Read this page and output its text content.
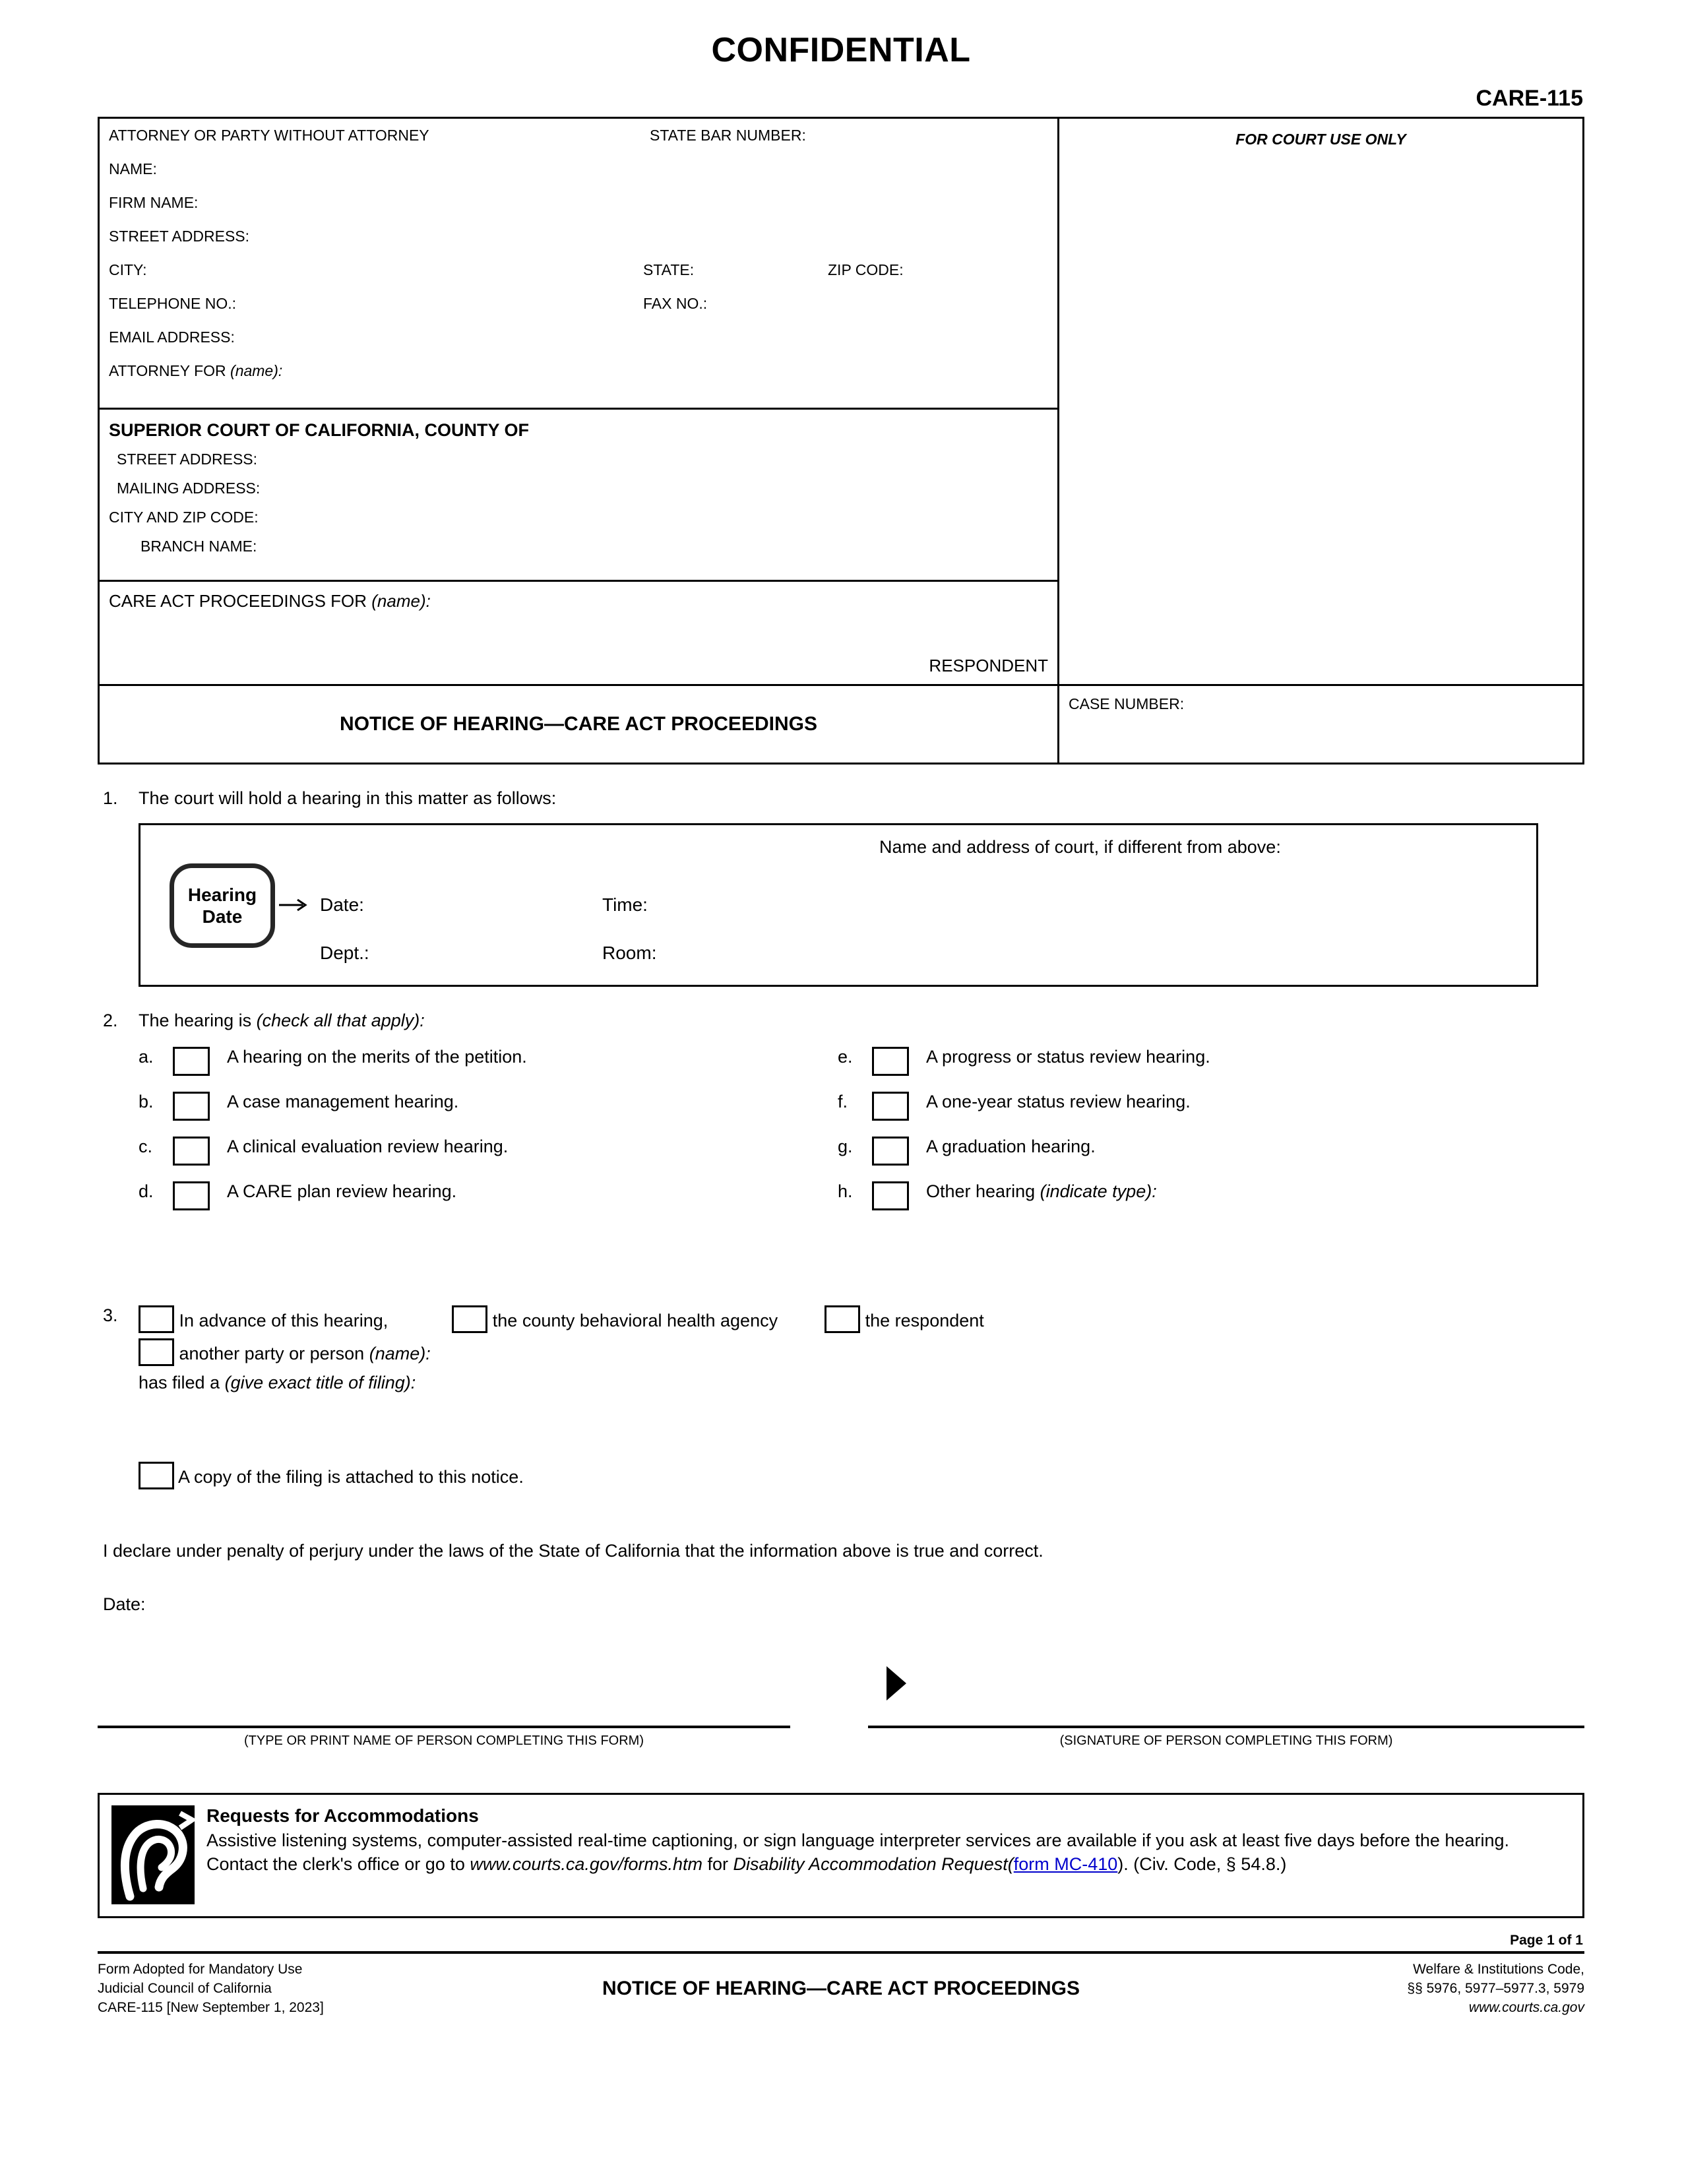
CONFIDENTIAL
CARE-115
ATTORNEY OR PARTY WITHOUT ATTORNEY	STATE BAR NUMBER:
NAME:
FIRM NAME:
STREET ADDRESS:
CITY:	STATE:	ZIP CODE:
TELEPHONE NO.:	FAX NO.:
EMAIL ADDRESS:
ATTORNEY FOR (name):
SUPERIOR COURT OF CALIFORNIA, COUNTY OF
STREET ADDRESS:
MAILING ADDRESS:
CITY AND ZIP CODE:
BRANCH NAME:
CARE ACT PROCEEDINGS FOR (name):
RESPONDENT
NOTICE OF HEARING—CARE ACT PROCEEDINGS
FOR COURT USE ONLY
CASE NUMBER:
1.	The court will hold a hearing in this matter as follows:
Name and address of court, if different from above:
Hearing
Date
Date:	Time:
Dept.:	Room:
2.	The hearing is (check all that apply):
a.	A hearing on the merits of the petition.
b.	A case management hearing.
c.	A clinical evaluation review hearing.
d.	A CARE plan review hearing.
e.	A progress or status review hearing.
f.	A one-year status review hearing.
g.	A graduation hearing.
h.	Other hearing (indicate type):
3.	In advance of this hearing,	the county behavioral health agency	the respondent
another party or person (name):
has filed a (give exact title of filing):
A copy of the filing is attached to this notice.
I declare under penalty of perjury under the laws of the State of California that the information above is true and correct.
Date:
(TYPE OR PRINT NAME OF PERSON COMPLETING THIS FORM)	(SIGNATURE OF PERSON COMPLETING THIS FORM)
Requests for Accommodations
Assistive listening systems, computer-assisted real-time captioning, or sign language interpreter services are available if you ask at least five days before the hearing. Contact the clerk's office or go to www.courts.ca.gov/forms.htm for Disability Accommodation Request(form MC-410). (Civ. Code, § 54.8.)
Page 1 of 1
Form Adopted for Mandatory Use
Judicial Council of California
CARE-115 [New September 1, 2023]
NOTICE OF HEARING—CARE ACT PROCEEDINGS
Welfare & Institutions Code,
§§ 5976, 5977–5977.3, 5979
www.courts.ca.gov
